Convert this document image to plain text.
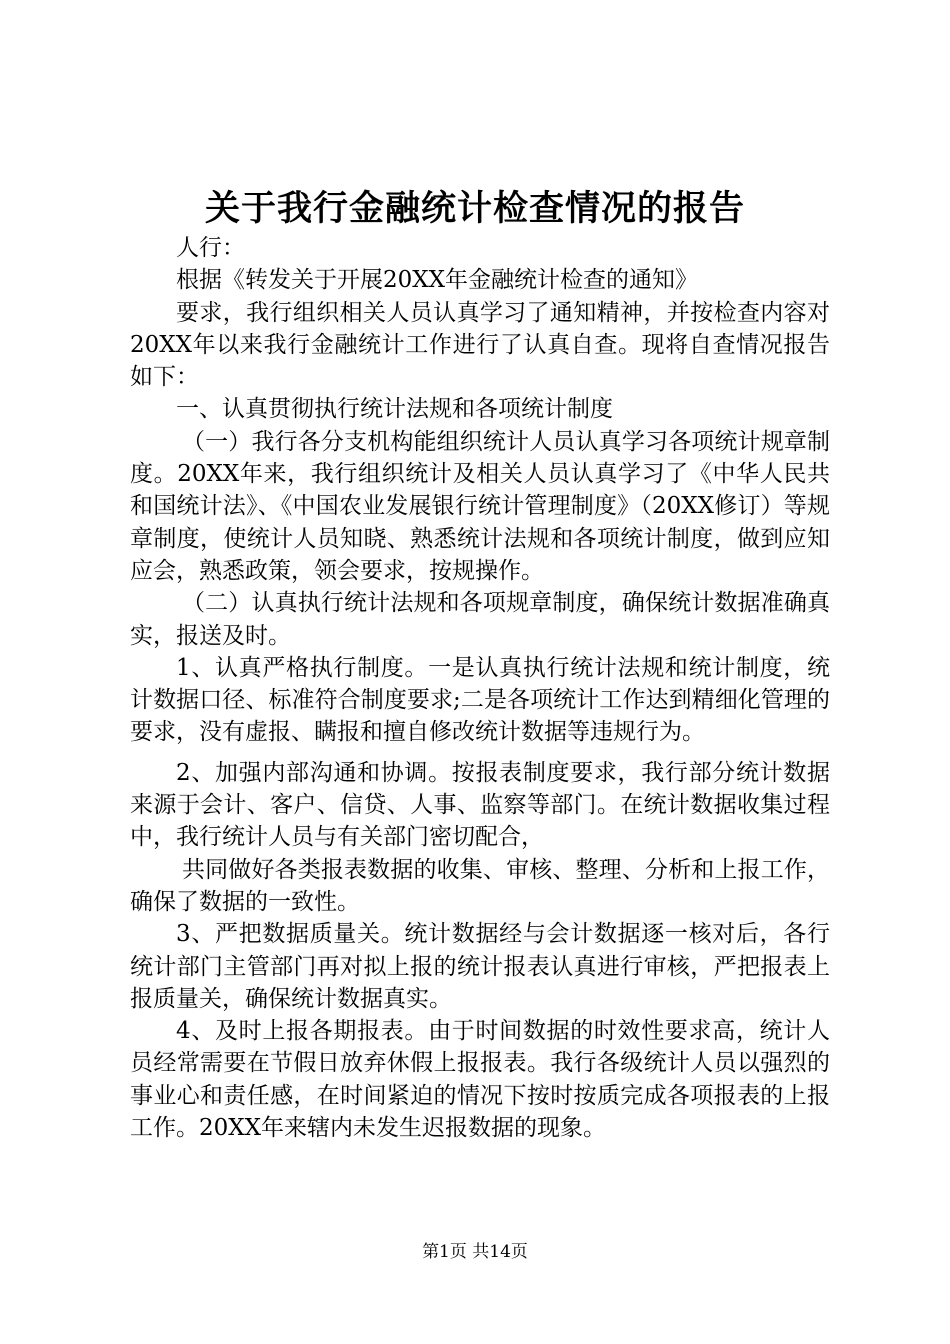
关于我行金融统计检查情况的报告

人行：

根据《转发关于开展20XX年金融统计检查的通知》

要求，我行组织相关人员认真学习了通知精神，并按检查内容对20XX年以来我行金融统计工作进行了认真自查。现将自查情况报告如下：

一、认真贯彻执行统计法规和各项统计制度

（一）我行各分支机构能组织统计人员认真学习各项统计规章制度。20XX年来，我行组织统计及相关人员认真学习了《中华人民共和国统计法》、《中国农业发展银行统计管理制度》（20XX修订）等规章制度，使统计人员知晓、熟悉统计法规和各项统计制度，做到应知应会，熟悉政策，领会要求，按规操作。

（二）认真执行统计法规和各项规章制度，确保统计数据准确真实，报送及时。

1、认真严格执行制度。一是认真执行统计法规和统计制度，统计数据口径、标准符合制度要求;二是各项统计工作达到精细化管理的要求，没有虚报、瞒报和擅自修改统计数据等违规行为。

2、加强内部沟通和协调。按报表制度要求，我行部分统计数据来源于会计、客户、信贷、人事、监察等部门。在统计数据收集过程中，我行统计人员与有关部门密切配合，

共同做好各类报表数据的收集、审核、整理、分析和上报工作，确保了数据的一致性。

3、严把数据质量关。统计数据经与会计数据逐一核对后，各行统计部门主管部门再对拟上报的统计报表认真进行审核，严把报表上报质量关，确保统计数据真实。

4、及时上报各期报表。由于时间数据的时效性要求高，统计人员经常需要在节假日放弃休假上报报表。我行各级统计人员以强烈的事业心和责任感，在时间紧迫的情况下按时按质完成各项报表的上报工作。20XX年来辖内未发生迟报数据的现象。

第1页 共14页
